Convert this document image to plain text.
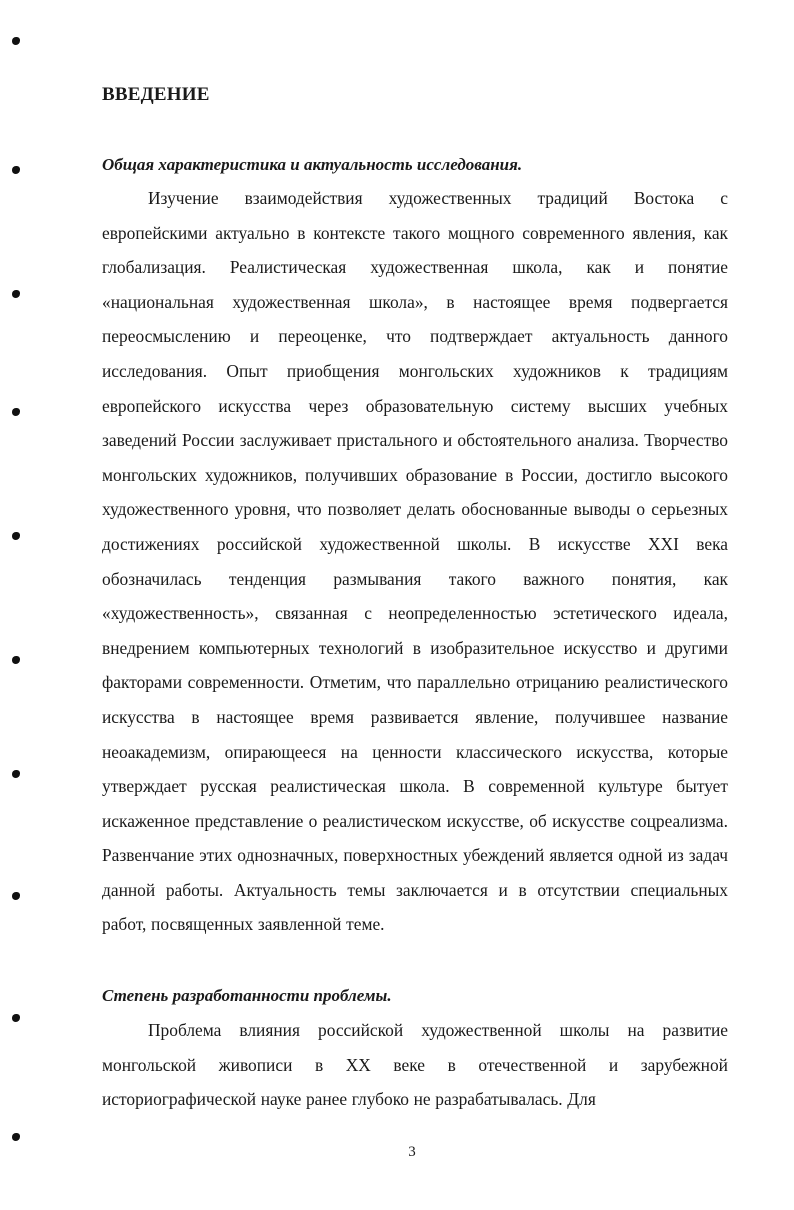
ВВЕДЕНИЕ
Общая характеристика и актуальность исследования.
Изучение взаимодействия художественных традиций Востока с европейскими актуально в контексте такого мощного современного явления, как глобализация. Реалистическая художественная школа, как и понятие «национальная художественная школа», в настоящее время подвергается переосмыслению и переоценке, что подтверждает актуальность данного исследования. Опыт приобщения монгольских художников к традициям европейского искусства через образовательную систему высших учебных заведений России заслуживает пристального и обстоятельного анализа. Творчество монгольских художников, получивших образование в России, достигло высокого художественного уровня, что позволяет делать обоснованные выводы о серьезных достижениях российской художественной школы. В искусстве XXI века обозначилась тенденция размывания такого важного понятия, как «художественность», связанная с неопределенностью эстетического идеала, внедрением компьютерных технологий в изобразительное искусство и другими факторами современности. Отметим, что параллельно отрицанию реалистического искусства в настоящее время развивается явление, получившее название неоакадемизм, опирающееся на ценности классического искусства, которые утверждает русская реалистическая школа. В современной культуре бытует искаженное представление о реалистическом искусстве, об искусстве соцреализма. Развенчание этих однозначных, поверхностных убеждений является одной из задач данной работы. Актуальность темы заключается и в отсутствии специальных работ, посвященных заявленной теме.
Степень разработанности проблемы.
Проблема влияния российской художественной школы на развитие монгольской живописи в XX веке в отечественной и зарубежной историографической науке ранее глубоко не разрабатывалась. Для
3
